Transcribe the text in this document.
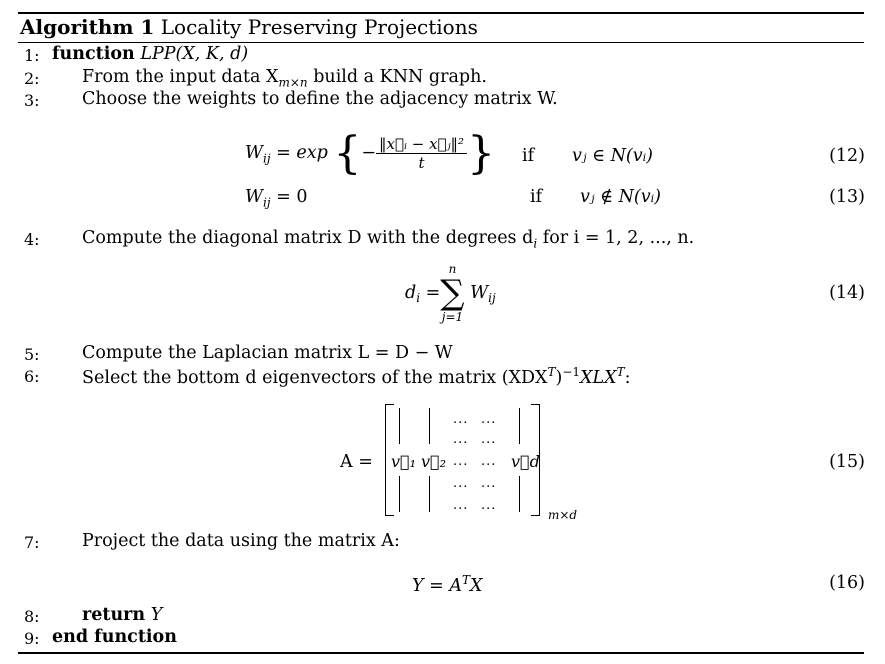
Algorithm 1 Locality Preserving Projections
1: function LPP(X, K, d)
2: From the input data $X_{m\times n}$ build a KNN graph.
3: Choose the weights to define the adjacency matrix W.
$W_{ij} = \exp$ {− $\frac{\text{‖x⃗ᵢ − x⃗ⱼ‖²}}{t}$ } if vⱼ ∈ N(vᵢ)	(12)
$W_{ij} = 0$	if vⱼ ∉ N(vᵢ)	(13)
4: Compute the diagonal matrix D with the degrees $d_i$ for i = 1, 2, ..., n.
$d_i$ =
n
∑
j=1
$W_{ij}$	(14)
5: Compute the Laplacian matrix L = D − W
6: Select the bottom d eigenvectors of the matrix $(XDX^T)^{-1}XLX^T$:
A = v⃗₁ v⃗₂
... ...
... ...
... ...
... ...
... ...
v⃗d
m×d
(15)
7: Project the data using the matrix A:
$Y = A^TX$	(16)
8: return Y
9: end function
